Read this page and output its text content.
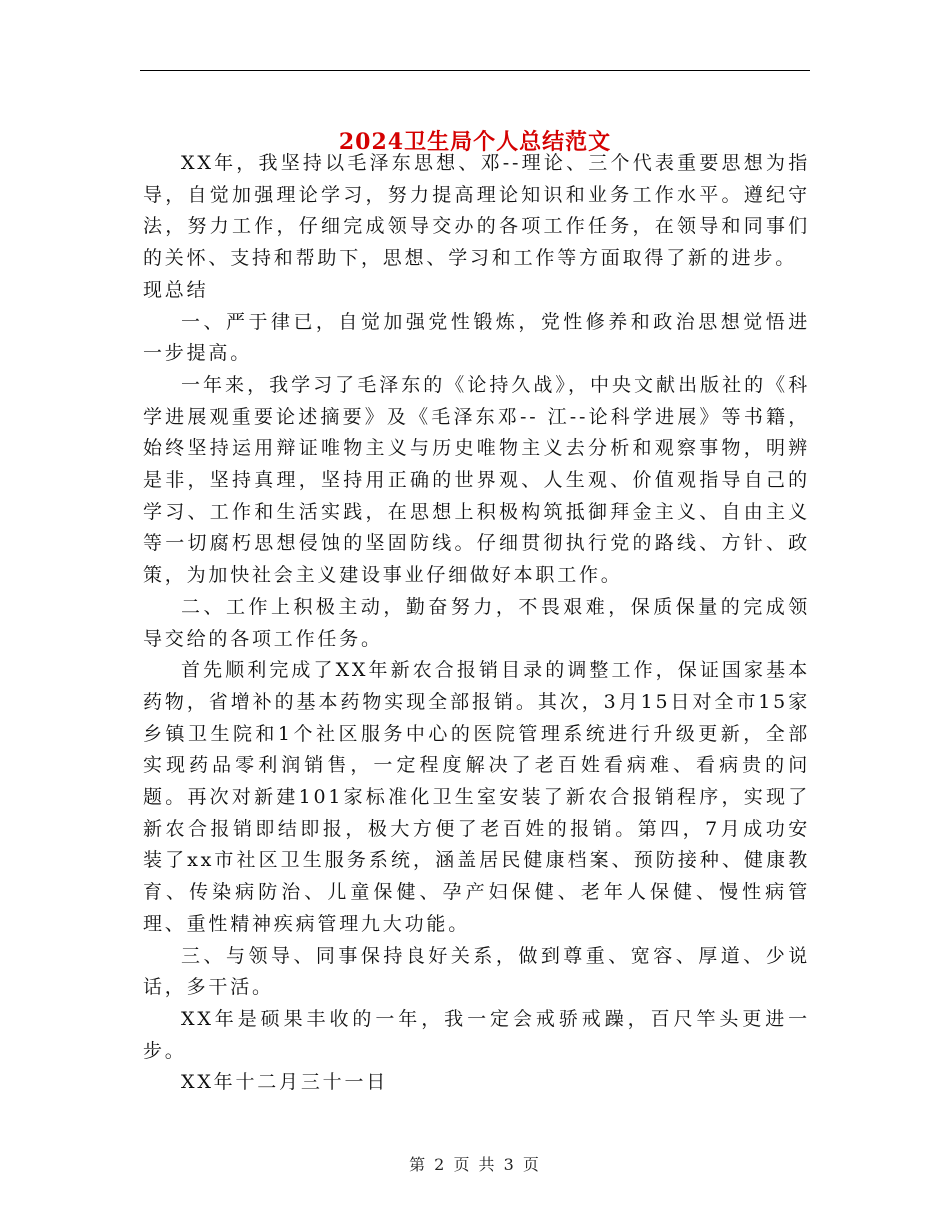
2024卫生局个人总结范文

XX年，我坚持以毛泽东思想、邓--理论、三个代表重要思想为指导，自觉加强理论学习，努力提高理论知识和业务工作水平。遵纪守法，努力工作，仔细完成领导交办的各项工作任务，在领导和同事们的关怀、支持和帮助下，思想、学习和工作等方面取得了新的进步。

现总结

一、严于律已，自觉加强党性锻炼，党性修养和政治思想觉悟进一步提高。

一年来，我学习了毛泽东的《论持久战》，中央文献出版社的《科学进展观重要论述摘要》及《毛泽东邓-- 江--论科学进展》等书籍，始终坚持运用辩证唯物主义与历史唯物主义去分析和观察事物，明辨是非，坚持真理，坚持用正确的世界观、人生观、价值观指导自己的学习、工作和生活实践，在思想上积极构筑抵御拜金主义、自由主义等一切腐朽思想侵蚀的坚固防线。仔细贯彻执行党的路线、方针、政策，为加快社会主义建设事业仔细做好本职工作。

二、工作上积极主动，勤奋努力，不畏艰难，保质保量的完成领导交给的各项工作任务。

首先顺利完成了XX年新农合报销目录的调整工作，保证国家基本药物，省增补的基本药物实现全部报销。其次，3月15日对全市15家乡镇卫生院和1个社区服务中心的医院管理系统进行升级更新，全部实现药品零利润销售，一定程度解决了老百姓看病难、看病贵的问题。再次对新建101家标准化卫生室安装了新农合报销程序，实现了新农合报销即结即报，极大方便了老百姓的报销。第四，7月成功安装了xx市社区卫生服务系统，涵盖居民健康档案、预防接种、健康教育、传染病防治、儿童保健、孕产妇保健、老年人保健、慢性病管理、重性精神疾病管理九大功能。

三、与领导、同事保持良好关系，做到尊重、宽容、厚道、少说话，多干活。

XX年是硕果丰收的一年，我一定会戒骄戒躁，百尺竿头更进一步。

XX年十二月三十一日

第 2 页 共 3 页
